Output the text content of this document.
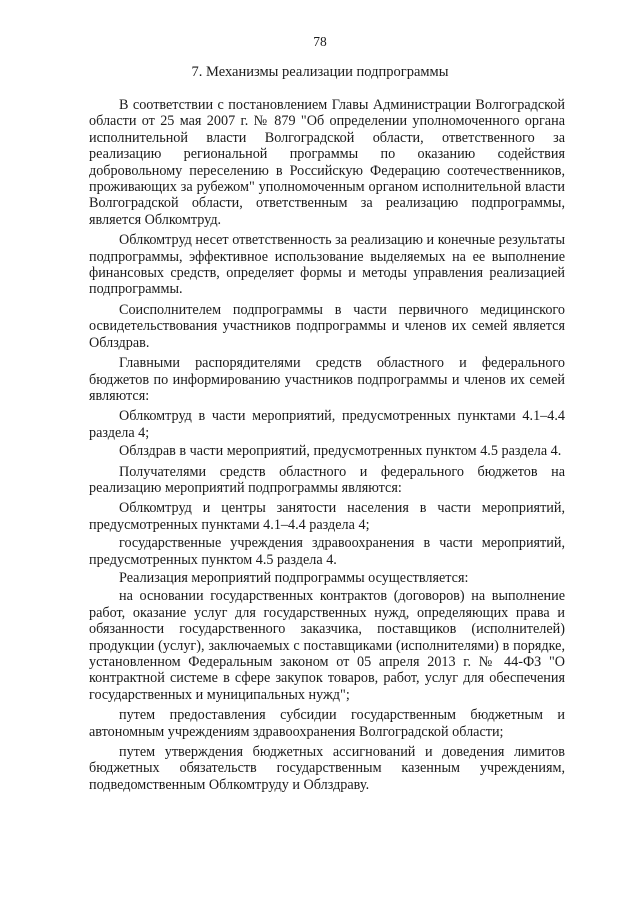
78
7. Механизмы реализации подпрограммы

В соответствии с постановлением Главы Администрации Волгоградской области от 25 мая 2007 г. № 879 "Об определении уполномоченного органа исполнительной власти Волгоградской области, ответственного за реализацию региональной программы по оказанию содействия добровольному переселению в Российскую Федерацию соотечественников, проживающих за рубежом" уполномоченным органом исполнительной власти Волгоградской области, ответственным за реализацию подпрограммы, является Облкомтруд.

Облкомтруд несет ответственность за реализацию и конечные результаты подпрограммы, эффективное использование выделяемых на ее выполнение финансовых средств, определяет формы и методы управления реализацией подпрограммы.

Соисполнителем подпрограммы в части первичного медицинского освидетельствования участников подпрограммы и членов их семей является Облздрав.

Главными распорядителями средств областного и федерального бюджетов по информированию участников подпрограммы и членов их семей являются:

Облкомтруд в части мероприятий, предусмотренных пунктами 4.1–4.4 раздела 4;

Облздрав в части мероприятий, предусмотренных пунктом 4.5 раздела 4.

Получателями средств областного и федерального бюджетов на реализацию мероприятий подпрограммы являются:

Облкомтруд и центры занятости населения в части мероприятий, предусмотренных пунктами 4.1–4.4 раздела 4;

государственные учреждения здравоохранения в части мероприятий, предусмотренных пунктом 4.5 раздела 4.

Реализация мероприятий подпрограммы осуществляется:

на основании государственных контрактов (договоров) на выполнение работ, оказание услуг для государственных нужд, определяющих права и обязанности государственного заказчика, поставщиков (исполнителей) продукции (услуг), заключаемых с поставщиками (исполнителями) в порядке, установленном Федеральным законом от 05 апреля 2013 г. № 44-ФЗ "О контрактной системе в сфере закупок товаров, работ, услуг для обеспечения государственных и муниципальных нужд";

путем предоставления субсидии государственным бюджетным и автономным учреждениям здравоохранения Волгоградской области;

путем утверждения бюджетных ассигнований и доведения лимитов бюджетных обязательств государственным казенным учреждениям, подведомственным Облкомтруду и Облздраву.
